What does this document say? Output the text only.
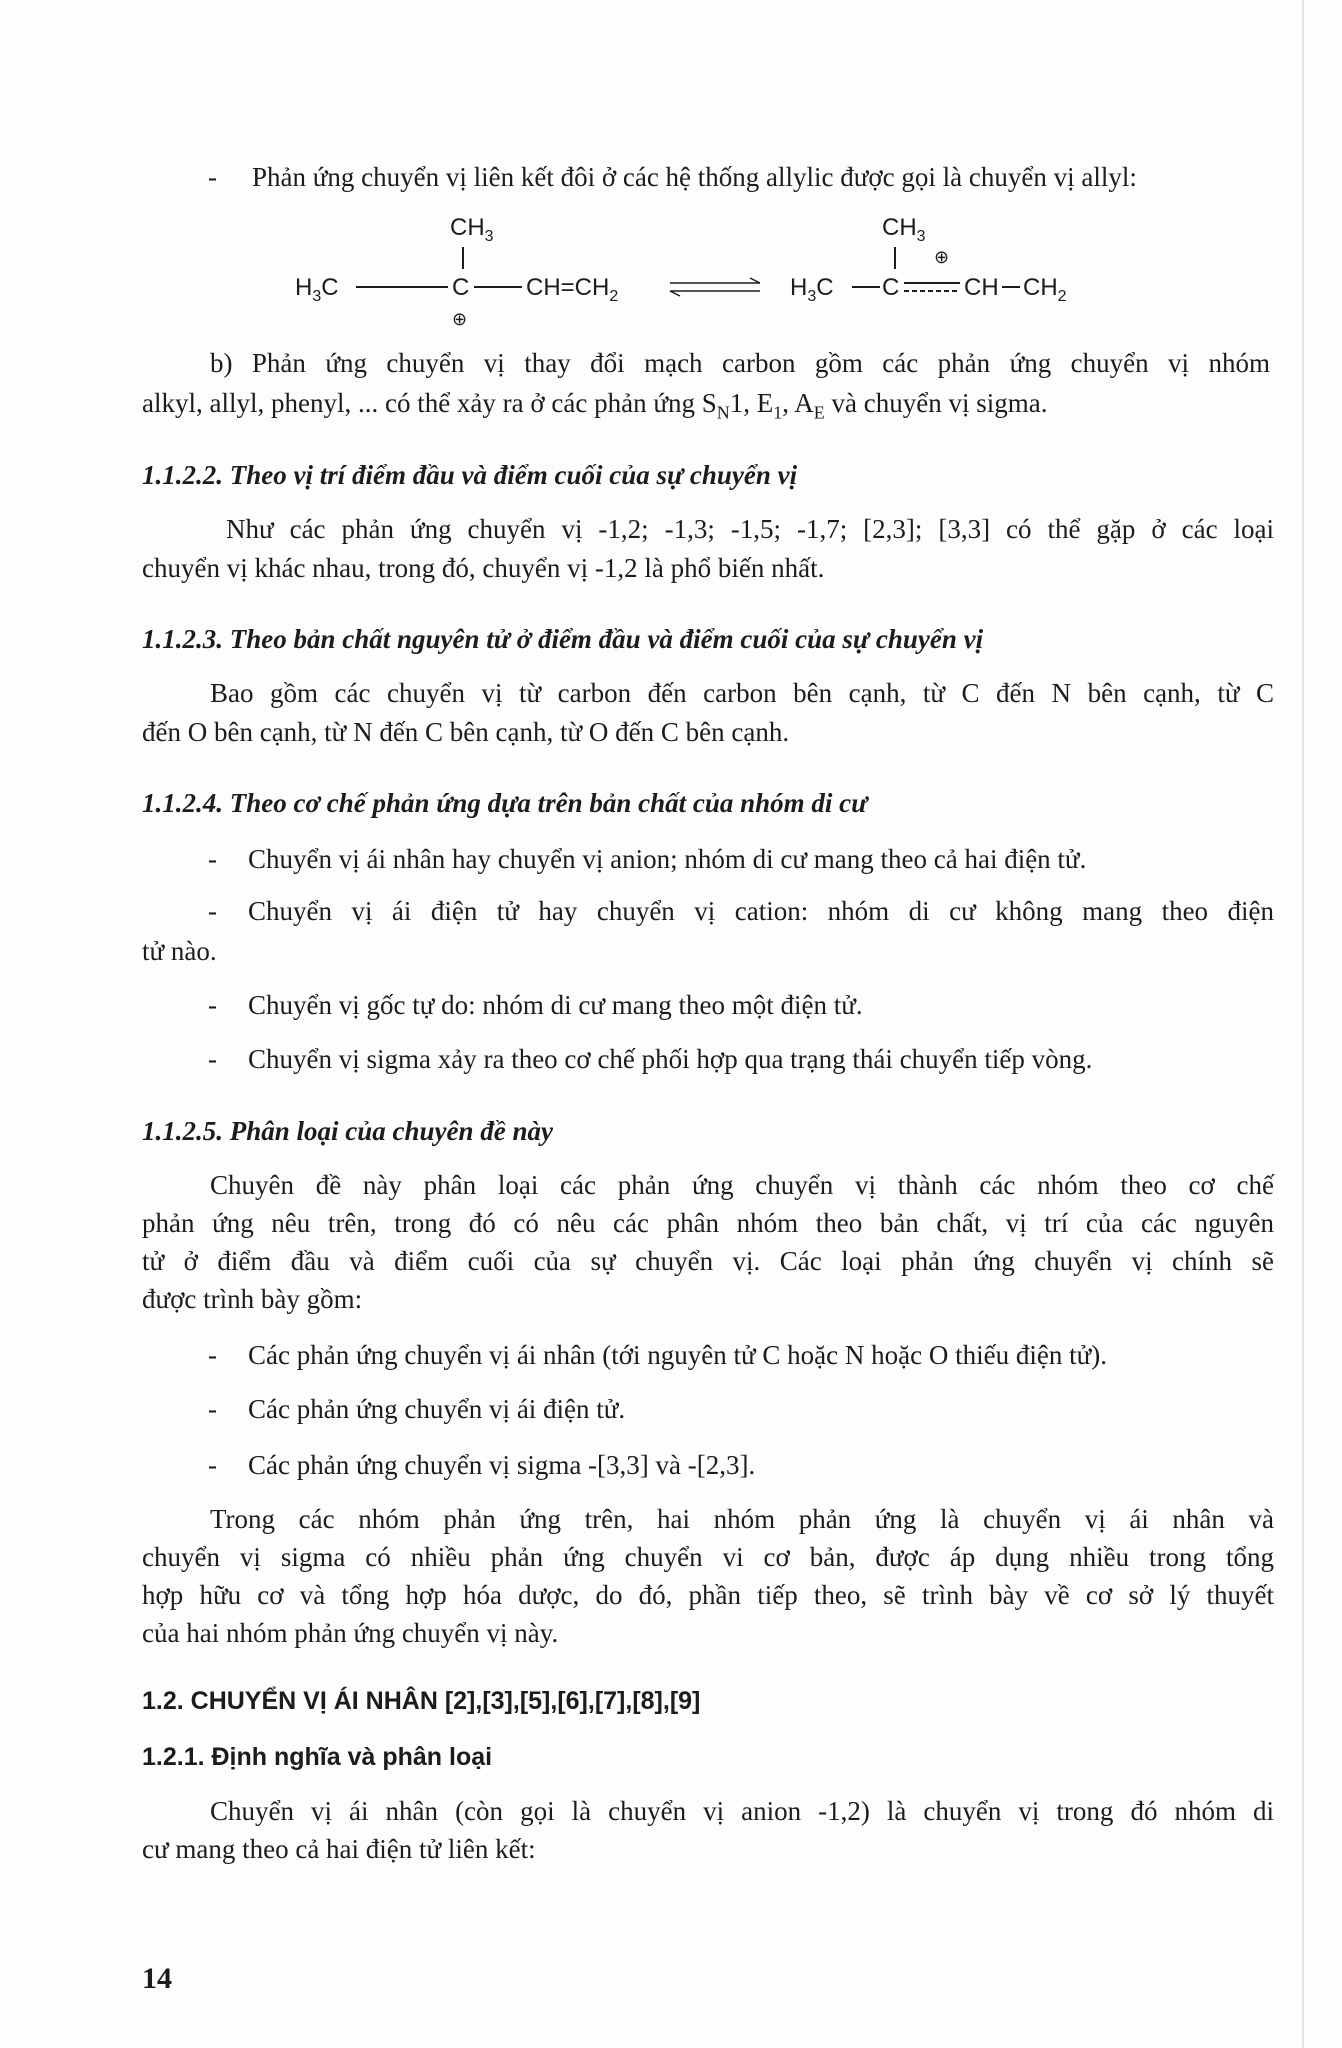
- Phản ứng chuyển vị liên kết đôi ở các hệ thống allylic được gọi là chuyển vị allyl:

$CH_3$
$H_3C$	C $CH=CH_2$
⊕
$CH_3$
⊕
$H_3C$ C	CH $CH_2$

b) Phản ứng chuyển vị thay đổi mạch carbon gồm các phản ứng chuyển vị nhóm

alkyl, allyl, phenyl, ... có thể xảy ra ở các phản ứng $S_N1$, $E_1$, $A_E$ và chuyển vị sigma.

1.1.2.2. Theo vị trí điểm đầu và điểm cuối của sự chuyển vị

Như các phản ứng chuyển vị -1,2; -1,3; -1,5; -1,7; [2,3]; [3,3] có thể gặp ở các loại

chuyển vị khác nhau, trong đó, chuyển vị -1,2 là phổ biến nhất.

1.1.2.3. Theo bản chất nguyên tử ở điểm đầu và điểm cuối của sự chuyển vị

Bao gồm các chuyển vị từ carbon đến carbon bên cạnh, từ C đến N bên cạnh, từ C

đến O bên cạnh, từ N đến C bên cạnh, từ O đến C bên cạnh.

1.1.2.4. Theo cơ chế phản ứng dựa trên bản chất của nhóm di cư

- Chuyển vị ái nhân hay chuyển vị anion; nhóm di cư mang theo cả hai điện tử.

- Chuyển vị ái điện tử hay chuyển vị cation: nhóm di cư không mang theo điện

tử nào.

- Chuyển vị gốc tự do: nhóm di cư mang theo một điện tử.

- Chuyển vị sigma xảy ra theo cơ chế phối hợp qua trạng thái chuyển tiếp vòng.

1.1.2.5. Phân loại của chuyên đề này

Chuyên đề này phân loại các phản ứng chuyển vị thành các nhóm theo cơ chế

phản ứng nêu trên, trong đó có nêu các phân nhóm theo bản chất, vị trí của các nguyên

tử ở điểm đầu và điểm cuối của sự chuyển vị. Các loại phản ứng chuyển vị chính sẽ

được trình bày gồm:

- Các phản ứng chuyển vị ái nhân (tới nguyên tử C hoặc N hoặc O thiếu điện tử).

- Các phản ứng chuyển vị ái điện tử.

- Các phản ứng chuyển vị sigma -[3,3] và -[2,3].

Trong các nhóm phản ứng trên, hai nhóm phản ứng là chuyển vị ái nhân và

chuyển vị sigma có nhiều phản ứng chuyển vi cơ bản, được áp dụng nhiều trong tổng

hợp hữu cơ và tổng hợp hóa dược, do đó, phần tiếp theo, sẽ trình bày về cơ sở lý thuyết

của hai nhóm phản ứng chuyển vị này.

1.2. CHUYỂN VỊ ÁI NHÂN [2],[3],[5],[6],[7],[8],[9]

1.2.1. Định nghĩa và phân loại

Chuyển vị ái nhân (còn gọi là chuyển vị anion -1,2) là chuyển vị trong đó nhóm di

cư mang theo cả hai điện tử liên kết:

14
